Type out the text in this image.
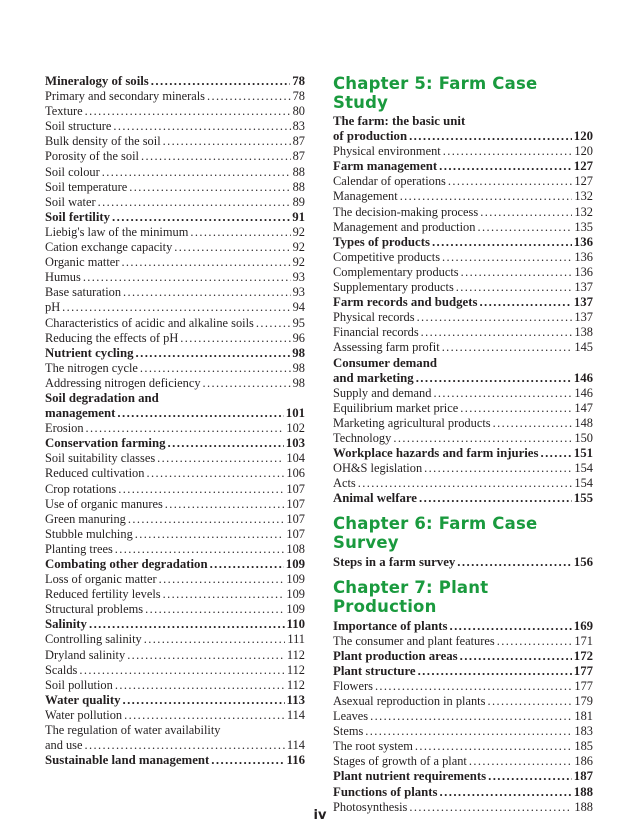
Mineralogy of soils .....	78
Primary and secondary minerals .....	78
Texture .....	80
Soil structure .....	83
Bulk density of the soil .....	87
Porosity of the soil .....	87
Soil colour .....	88
Soil temperature .....	88
Soil water .....	89
Soil fertility .....	91
Liebig's law of the minimum .....	92
Cation exchange capacity .....	92
Organic matter .....	92
Humus .....	93
Base saturation .....	93
pH .....	94
Characteristics of acidic and alkaline soils .....	95
Reducing the effects of pH .....	96
Nutrient cycling .....	98
The nitrogen cycle .....	98
Addressing nitrogen deficiency .....	98
Soil degradation and
management .....	101
Erosion .....	102
Conservation farming .....	103
Soil suitability classes .....	104
Reduced cultivation .....	106
Crop rotations .....	107
Use of organic manures .....	107
Green manuring .....	107
Stubble mulching .....	107
Planting trees .....	108
Combating other degradation .....	109
Loss of organic matter .....	109
Reduced fertility levels .....	109
Structural problems .....	109
Salinity .....	110
Controlling salinity .....	111
Dryland salinity .....	112
Scalds .....	112
Soil pollution .....	112
Water quality .....	113
Water pollution .....	114
The regulation of water availability
and use .....	114
Sustainable land management .....	116
Chapter 5: Farm Case Study
The farm: the basic unit
of production .....	120
Physical environment .....	120
Farm management .....	127
Calendar of operations .....	127
Management .....	132
The decision-making process .....	132
Management and production .....	135
Types of products .....	136
Competitive products .....	136
Complementary products .....	136
Supplementary products .....	137
Farm records and budgets .....	137
Physical records .....	137
Financial records .....	138
Assessing farm profit .....	145
Consumer demand
and marketing .....	146
Supply and demand .....	146
Equilibrium market price .....	147
Marketing agricultural products .....	148
Technology .....	150
Workplace hazards and farm injuries .....	151
OH&S legislation .....	154
Acts .....	154
Animal welfare .....	155
Chapter 6: Farm Case
Survey
Steps in a farm survey .....	156
Chapter 7: Plant Production
Importance of plants .....	169
The consumer and plant features .....	171
Plant production areas .....	172
Plant structure .....	177
Flowers .....	177
Asexual reproduction in plants .....	179
Leaves .....	181
Stems .....	183
The root system .....	185
Stages of growth of a plant .....	186
Plant nutrient requirements .....	187
Functions of plants .....	188
Photosynthesis .....	188
iv
